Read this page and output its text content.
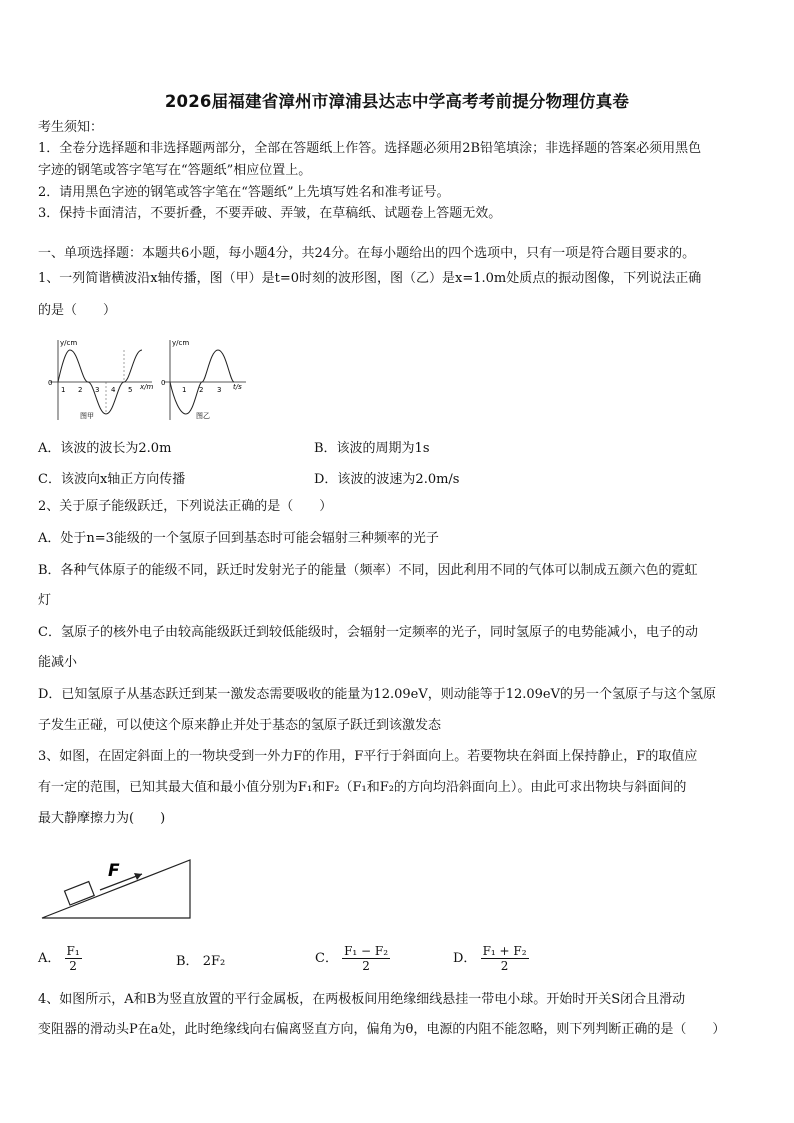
2026届福建省漳州市漳浦县达志中学高考考前提分物理仿真卷
考生须知：
1．全卷分选择题和非选择题两部分，全部在答题纸上作答。选择题必须用2B铅笔填涂；非选择题的答案必须用黑色
字迹的钢笔或答字笔写在“答题纸”相应位置上。
2．请用黑色字迹的钢笔或答字笔在“答题纸”上先填写姓名和准考证号。
3．保持卡面清洁，不要折叠，不要弄破、弄皱，在草稿纸、试题卷上答题无效。
一、单项选择题：本题共6小题，每小题4分，共24分。在每小题给出的四个选项中，只有一项是符合题目要求的。
1、一列简谐横波沿x轴传播，图（甲）是t=0时刻的波形图，图（乙）是x=1.0m处质点的振动图像，下列说法正确
的是（　　）
y/cm
0
1 2 3 4 5 x/m
图甲
y/cm
0
1 2 3 t/s
图乙
A．该波的波长为2.0m	B．该波的周期为1s
C．该波向x轴正方向传播	D．该波的波速为2.0m/s
2、关于原子能级跃迁，下列说法正确的是（　　）
A．处于n=3能级的一个氢原子回到基态时可能会辐射三种频率的光子
B．各种气体原子的能级不同，跃迁时发射光子的能量（频率）不同，因此利用不同的气体可以制成五颜六色的霓虹
灯
C．氢原子的核外电子由较高能级跃迁到较低能级时，会辐射一定频率的光子，同时氢原子的电势能减小，电子的动
能减小
D．已知氢原子从基态跃迁到某一激发态需要吸收的能量为12.09eV，则动能等于12.09eV的另一个氢原子与这个氢原
子发生正碰，可以使这个原来静止并处于基态的氢原子跃迁到该激发态
3、如图，在固定斜面上的一物块受到一外力F的作用，F平行于斜面向上。若要物块在斜面上保持静止，F的取值应
有一定的范围，已知其最大值和最小值分别为F₁和F₂（F₁和F₂的方向均沿斜面向上）。由此可求出物块与斜面间的
最大静摩擦力为(　　)
F
A． $\frac{\text{F₁}}{2}$	B． 2F₂	C． $\frac{\text{F₁ − F₂}}{2}$	D． $\frac{\text{F₁ + F₂}}{2}$
4、如图所示，A和B为竖直放置的平行金属板，在两极板间用绝缘细线悬挂一带电小球。开始时开关S闭合且滑动
变阻器的滑动头P在a处，此时绝缘线向右偏离竖直方向，偏角为θ，电源的内阻不能忽略，则下列判断正确的是（　　）
